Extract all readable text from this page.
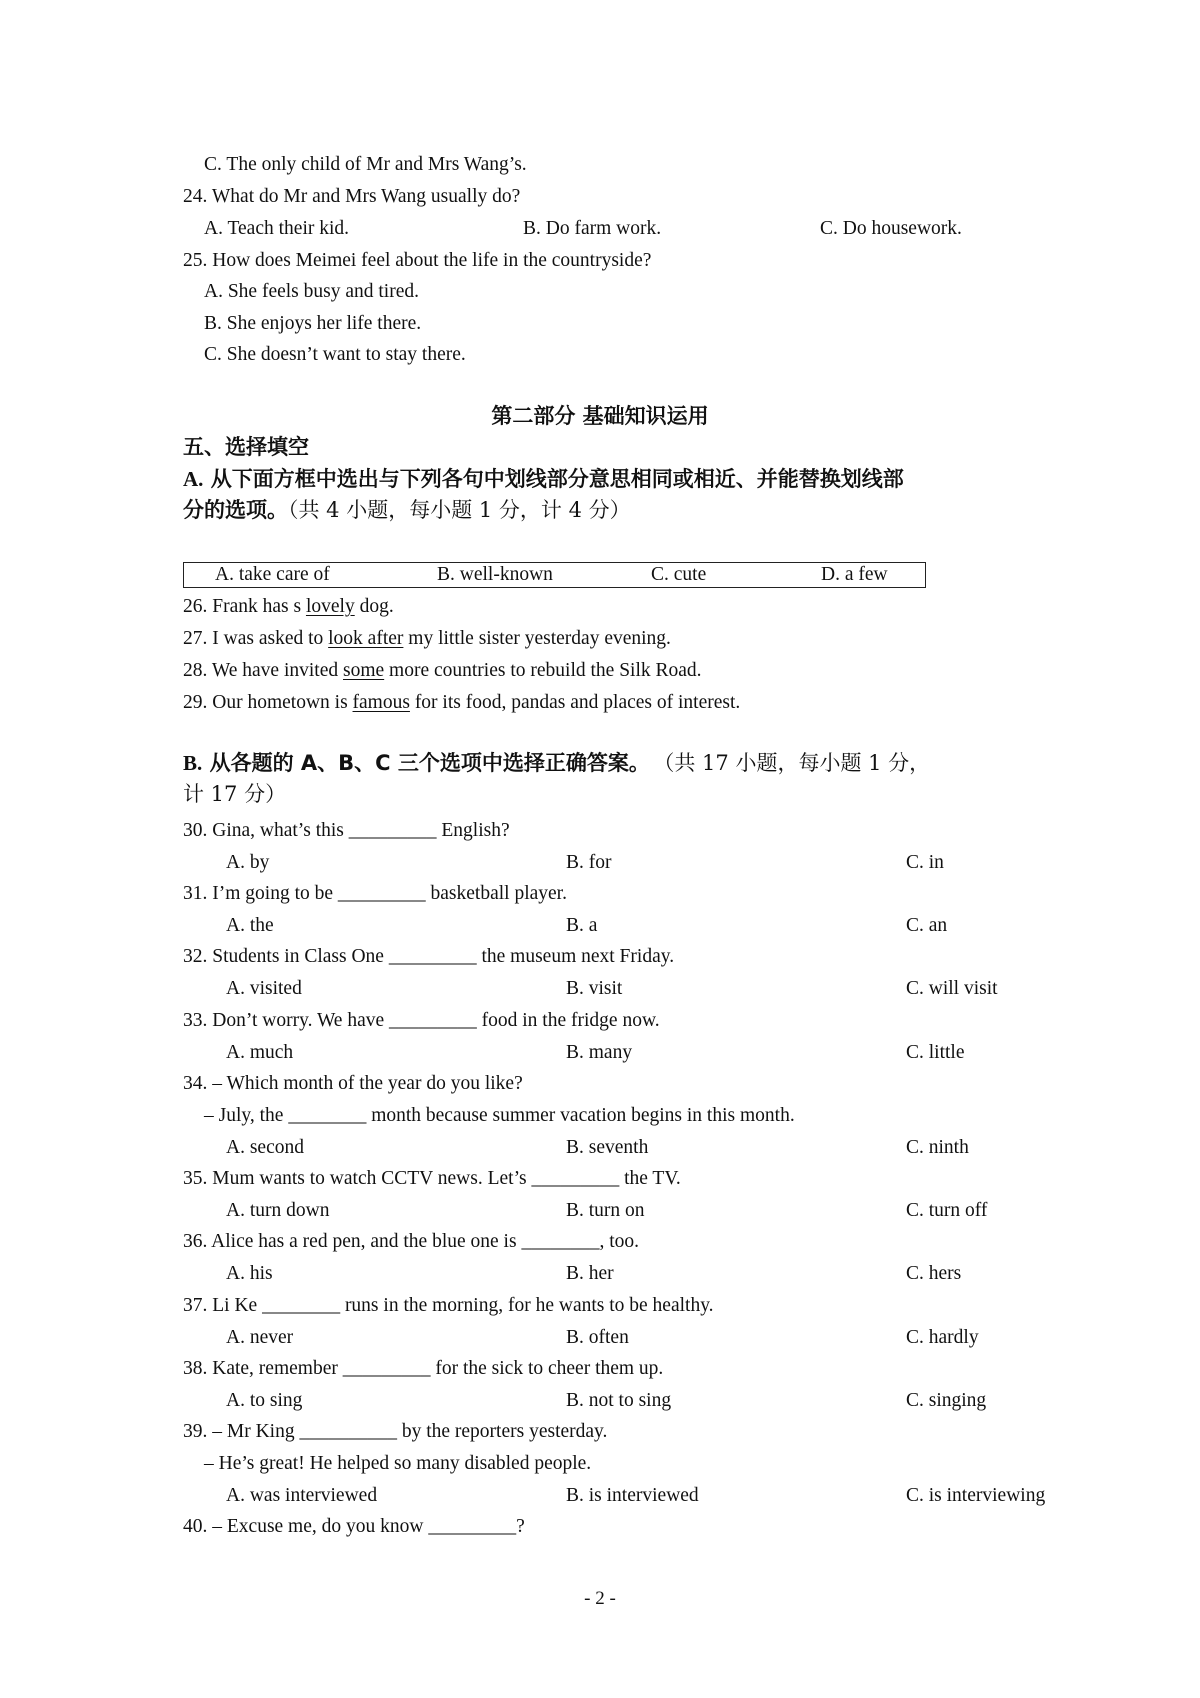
C. The only child of Mr and Mrs Wang’s.
24. What do Mr and Mrs Wang usually do?
A. Teach their kid.	B. Do farm work.	C. Do housework.
25. How does Meimei feel about the life in the countryside?
A. She feels busy and tired.
B. She enjoys her life there.
C. She doesn’t want to stay there.
第二部分 基础知识运用
五、选择填空
A. 从下面方框中选出与下列各句中划线部分意思相同或相近、并能替换划线部
分的选项。（共 4 小题，每小题 1 分，计 4 分）
A. take care of	B. well-known	C. cute	D. a few
26. Frank has s lovely dog.
27. I was asked to look after my little sister yesterday evening.
28. We have invited some more countries to rebuild the Silk Road.
29. Our hometown is famous for its food, pandas and places of interest.
B. 从各题的 A、B、C 三个选项中选择正确答案。 （共 17 小题，每小题 1 分，
计 17 分）
30. Gina, what’s this _________ English?
A. by	B. for	C. in
31. I’m going to be _________ basketball player.
A. the	B. a	C. an
32. Students in Class One _________ the museum next Friday.
A. visited	B. visit	C. will visit
33. Don’t worry. We have _________ food in the fridge now.
A. much	B. many	C. little
34. – Which month of the year do you like?
– July, the ________ month because summer vacation begins in this month.
A. second	B. seventh	C. ninth
35. Mum wants to watch CCTV news. Let’s _________ the TV.
A. turn down	B. turn on	C. turn off
36. Alice has a red pen, and the blue one is ________, too.
A. his	B. her	C. hers
37. Li Ke ________ runs in the morning, for he wants to be healthy.
A. never	B. often	C. hardly
38. Kate, remember _________ for the sick to cheer them up.
A. to sing	B. not to sing	C. singing
39. – Mr King __________ by the reporters yesterday.
– He’s great! He helped so many disabled people.
A. was interviewed	B. is interviewed	C. is interviewing
40. – Excuse me, do you know _________?
- 2 -
